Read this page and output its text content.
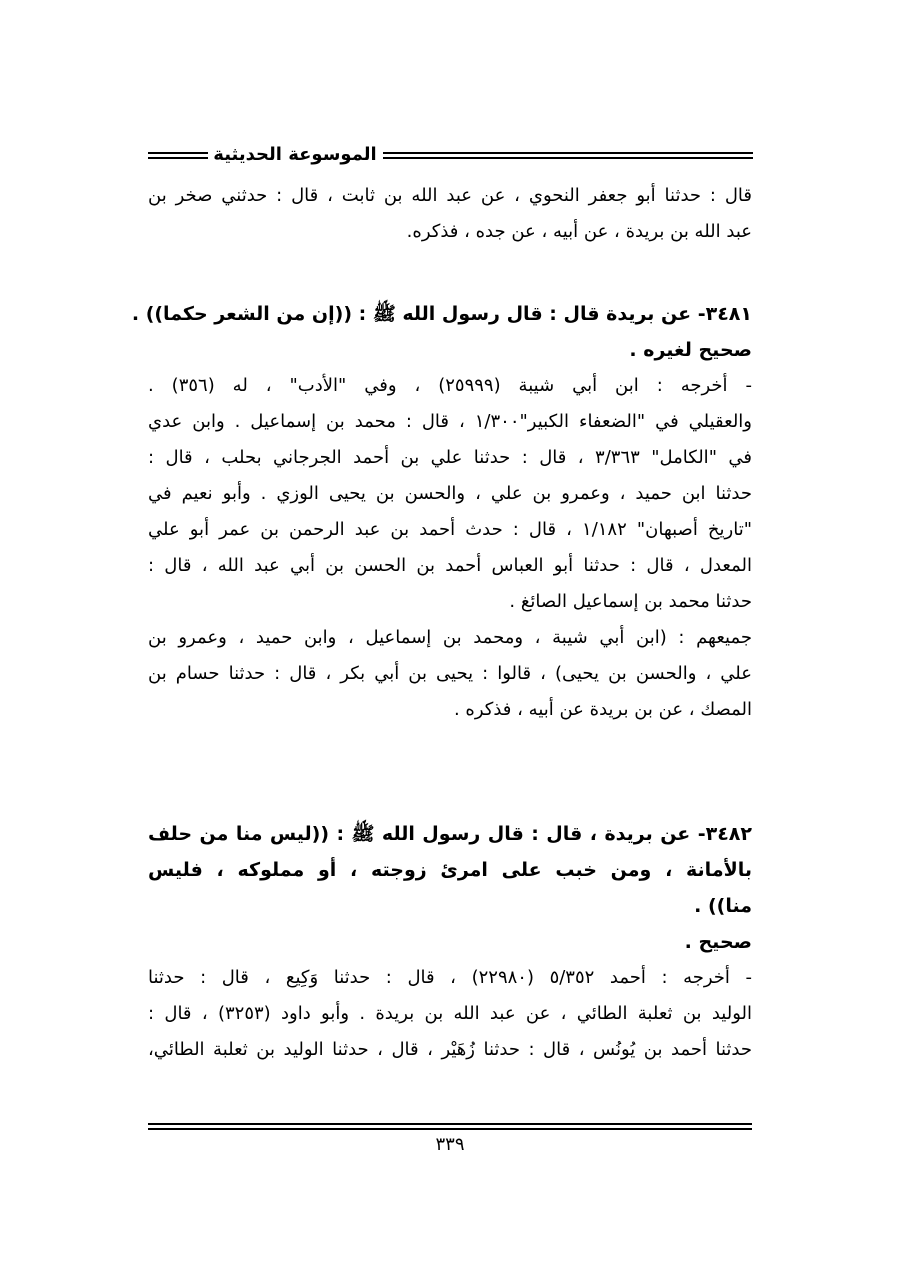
الموسوعة الحديثية
قال : حدثنا أبو جعفر النحوي ، عن عبد الله بن ثابت ، قال : حدثني صخر بن
عبد الله بن بريدة ، عن أبيه ، عن جده ، فذكره.
٣٤٨١- عن بريدة قال : قال رسول الله ﷺ : ((إن من الشعر حكما)) .
صحيح لغيره .
- أخرجه : ابن أبي شيبة (٢٥٩٩٩) ، وفي "الأدب" ، له (٣٥٦) .
والعقيلي في "الضعفاء الكبير"١/٣٠٠ ، قال : محمد بن إسماعيل . وابن عدي
في "الكامل" ٣/٣٦٣ ، قال : حدثنا علي بن أحمد الجرجاني بحلب ، قال :
حدثنا ابن حميد ، وعمرو بن علي ، والحسن بن يحيى الوزي . وأبو نعيم في
"تاريخ أصبهان" ١/١٨٢ ، قال : حدث أحمد بن عبد الرحمن بن عمر أبو علي
المعدل ، قال : حدثنا أبو العباس أحمد بن الحسن بن أبي عبد الله ، قال :
حدثنا محمد بن إسماعيل الصائغ .
جميعهم : (ابن أبي شيبة ، ومحمد بن إسماعيل ، وابن حميد ، وعمرو بن
علي ، والحسن بن يحيى) ، قالوا : يحيى بن أبي بكر ، قال : حدثنا حسام بن
المصك ، عن بن بريدة عن أبيه ، فذكره .
٣٤٨٢- عن بريدة ، قال : قال رسول الله ﷺ : ((ليس منا من حلف
بالأمانة ، ومن خبب على امرئ زوجته ، أو مملوكه ، فليس
منا)) .
صحيح .
- أخرجه : أحمد ٥/٣٥٢ (٢٢٩٨٠) ، قال : حدثنا وَكِيع ، قال : حدثنا
الوليد بن ثعلبة الطائي ، عن عبد الله بن بريدة . وأبو داود (٣٢٥٣) ، قال :
حدثنا أحمد بن يُونُس ، قال : حدثنا زُهَيْر ، قال ، حدثنا الوليد بن ثعلبة الطائي،
٣٣٩
